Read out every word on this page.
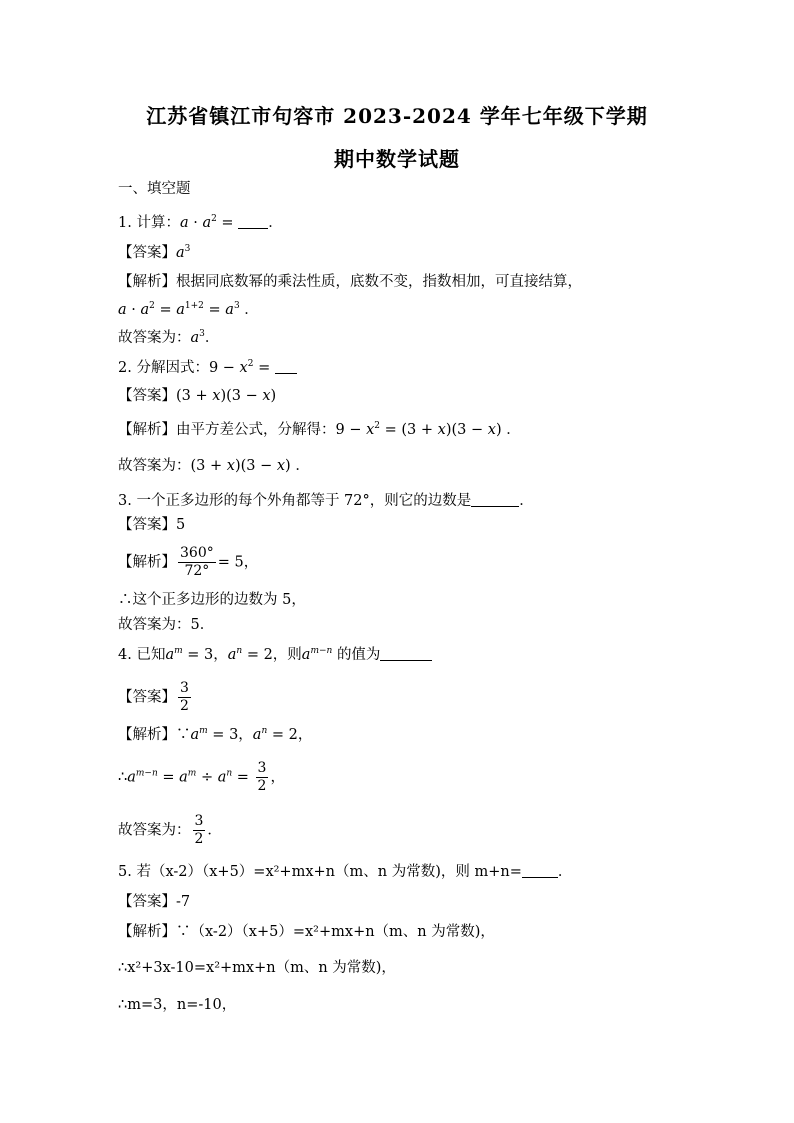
江苏省镇江市句容市 2023-2024 学年七年级下学期
期中数学试题
一、填空题
1. 计算：$a \cdot a^2$ = ．
【答案】$a^3$
【解析】根据同底数幂的乘法性质，底数不变，指数相加，可直接结算，
$a \cdot a^2 = a^{1+2} = a^3$ ．
故答案为：$a^3$．
2. 分解因式：$9 - x^2$ =
【答案】(3 + x)(3 − x)
【解析】由平方差公式，分解得：$9 - x^2 = (3 + x)(3 - x)$ ．
故答案为：(3 + x)(3 − x) ．
3. 一个正多边形的每个外角都等于 72°，则它的边数是	．
【答案】5
【解析】 $\frac{360^\circ}{72^\circ} = 5$，
∴这个正多边形的边数为 5，
故答案为：5．
4. 已知$a^m = 3$，$a^n = 2$，则$a^{m-n}$ 的值为
【答案】 $\frac{3}{2}$
【解析】$\because a^m = 3$，$a^n = 2$，
$\therefore a^{m-n} = a^m \div a^n = \frac{3}{2}$ ，
故答案为： $\frac{3}{2}$ ．
5. 若（x-2）（x+5）=x²+mx+n（m、n 为常数)，则 m+n= ．
【答案】-7
【解析】∵（x-2）（x+5）=x²+mx+n（m、n 为常数)，
∴x²+3x-10=x²+mx+n（m、n 为常数)，
∴m=3，n=-10，
